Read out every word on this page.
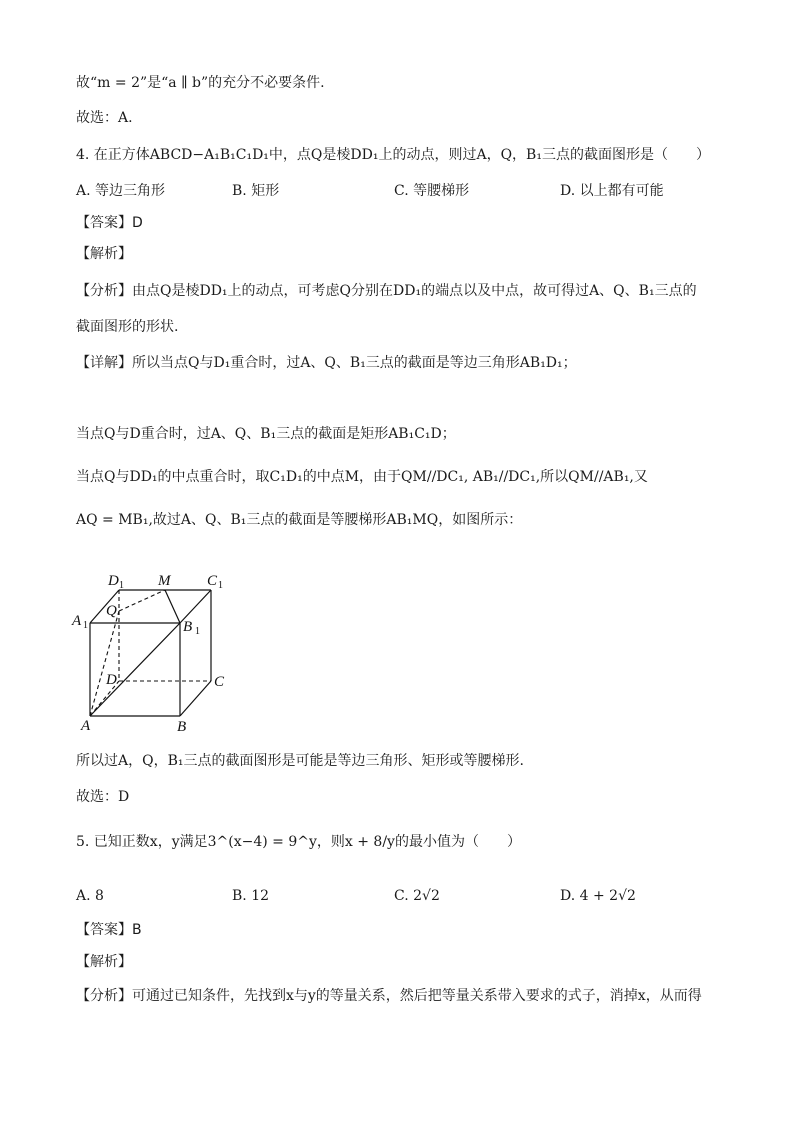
故“m = 2”是“a ∥ b”的充分不必要条件.
故选：A.
4. 在正方体ABCD−A₁B₁C₁D₁中，点Q是棱DD₁上的动点，则过A，Q，B₁三点的截面图形是（　　）
A. 等边三角形	B. 矩形	C. 等腰梯形	D. 以上都有可能
【答案】D
【解析】
【分析】由点Q是棱DD₁上的动点，可考虑Q分别在DD₁的端点以及中点，故可得过A、Q、B₁三点的
截面图形的形状.
【详解】所以当点Q与D₁重合时，过A、Q、B₁三点的截面是等边三角形AB₁D₁；
当点Q与D重合时，过A、Q、B₁三点的截面是矩形AB₁C₁D；
当点Q与DD₁的中点重合时，取C₁D₁的中点M，由于QM//DC₁, AB₁//DC₁,所以QM//AB₁,又
AQ = MB₁,故过A、Q、B₁三点的截面是等腰梯形AB₁MQ，如图所示：
D 1 M C 1
A 1
Q
B 1
D	C
A	B
所以过A，Q，B₁三点的截面图形是可能是等边三角形、矩形或等腰梯形.
故选：D
5. 已知正数x，y满足3^(x−4) = 9^y，则x + 8/y的最小值为（　　）
A. 8	B. 12	C. 2√2	D. 4 + 2√2
【答案】B
【解析】
【分析】可通过已知条件，先找到x与y的等量关系，然后把等量关系带入要求的式子，消掉x，从而得
